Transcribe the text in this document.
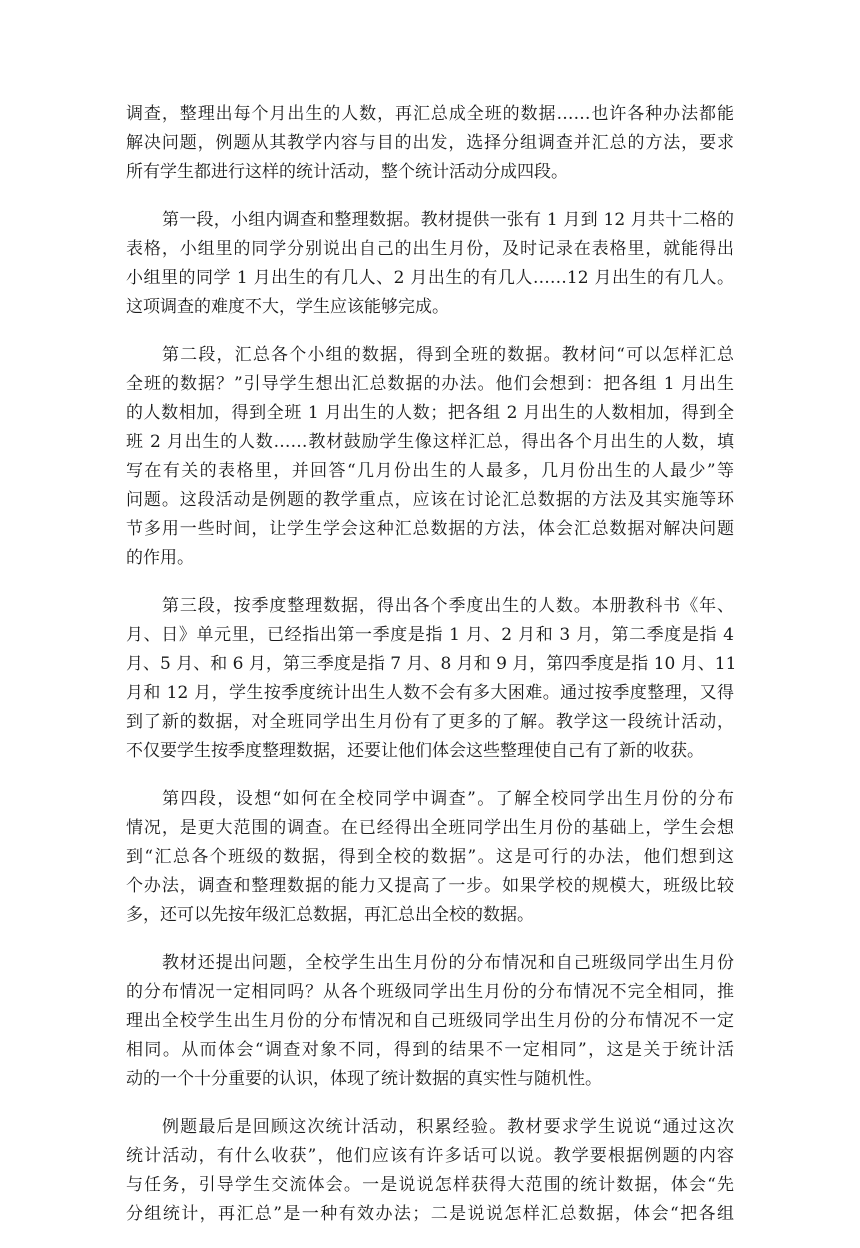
调查，整理出每个月出生的人数，再汇总成全班的数据……也许各种办法都能
解决问题，例题从其教学内容与目的出发，选择分组调查并汇总的方法，要求
所有学生都进行这样的统计活动，整个统计活动分成四段。
第一段，小组内调查和整理数据。教材提供一张有 1 月到 12 月共十二格的
表格，小组里的同学分别说出自己的出生月份，及时记录在表格里，就能得出
小组里的同学 1 月出生的有几人、2 月出生的有几人……12 月出生的有几人。
这项调查的难度不大，学生应该能够完成。
第二段，汇总各个小组的数据，得到全班的数据。教材问“可以怎样汇总
全班的数据？”引导学生想出汇总数据的办法。他们会想到：把各组 1 月出生
的人数相加，得到全班 1 月出生的人数；把各组 2 月出生的人数相加，得到全
班 2 月出生的人数……教材鼓励学生像这样汇总，得出各个月出生的人数，填
写在有关的表格里，并回答“几月份出生的人最多，几月份出生的人最少”等
问题。这段活动是例题的教学重点，应该在讨论汇总数据的方法及其实施等环
节多用一些时间，让学生学会这种汇总数据的方法，体会汇总数据对解决问题
的作用。
第三段，按季度整理数据，得出各个季度出生的人数。本册教科书《年、
月、日》单元里，已经指出第一季度是指 1 月、2 月和 3 月，第二季度是指 4
月、5 月、和 6 月，第三季度是指 7 月、8 月和 9 月，第四季度是指 10 月、11
月和 12 月，学生按季度统计出生人数不会有多大困难。通过按季度整理，又得
到了新的数据，对全班同学出生月份有了更多的了解。教学这一段统计活动，
不仅要学生按季度整理数据，还要让他们体会这些整理使自己有了新的收获。
第四段，设想“如何在全校同学中调查”。了解全校同学出生月份的分布
情况，是更大范围的调查。在已经得出全班同学出生月份的基础上，学生会想
到“汇总各个班级的数据，得到全校的数据”。这是可行的办法，他们想到这
个办法，调查和整理数据的能力又提高了一步。如果学校的规模大，班级比较
多，还可以先按年级汇总数据，再汇总出全校的数据。
教材还提出问题，全校学生出生月份的分布情况和自己班级同学出生月份
的分布情况一定相同吗？从各个班级同学出生月份的分布情况不完全相同，推
理出全校学生出生月份的分布情况和自己班级同学出生月份的分布情况不一定
相同。从而体会“调查对象不同，得到的结果不一定相同”，这是关于统计活
动的一个十分重要的认识，体现了统计数据的真实性与随机性。
例题最后是回顾这次统计活动，积累经验。教材要求学生说说“通过这次
统计活动，有什么收获”，他们应该有许多话可以说。教学要根据例题的内容
与任务，引导学生交流体会。一是说说怎样获得大范围的统计数据，体会“先
分组统计，再汇总”是一种有效办法；二是说说怎样汇总数据，体会“把各组
